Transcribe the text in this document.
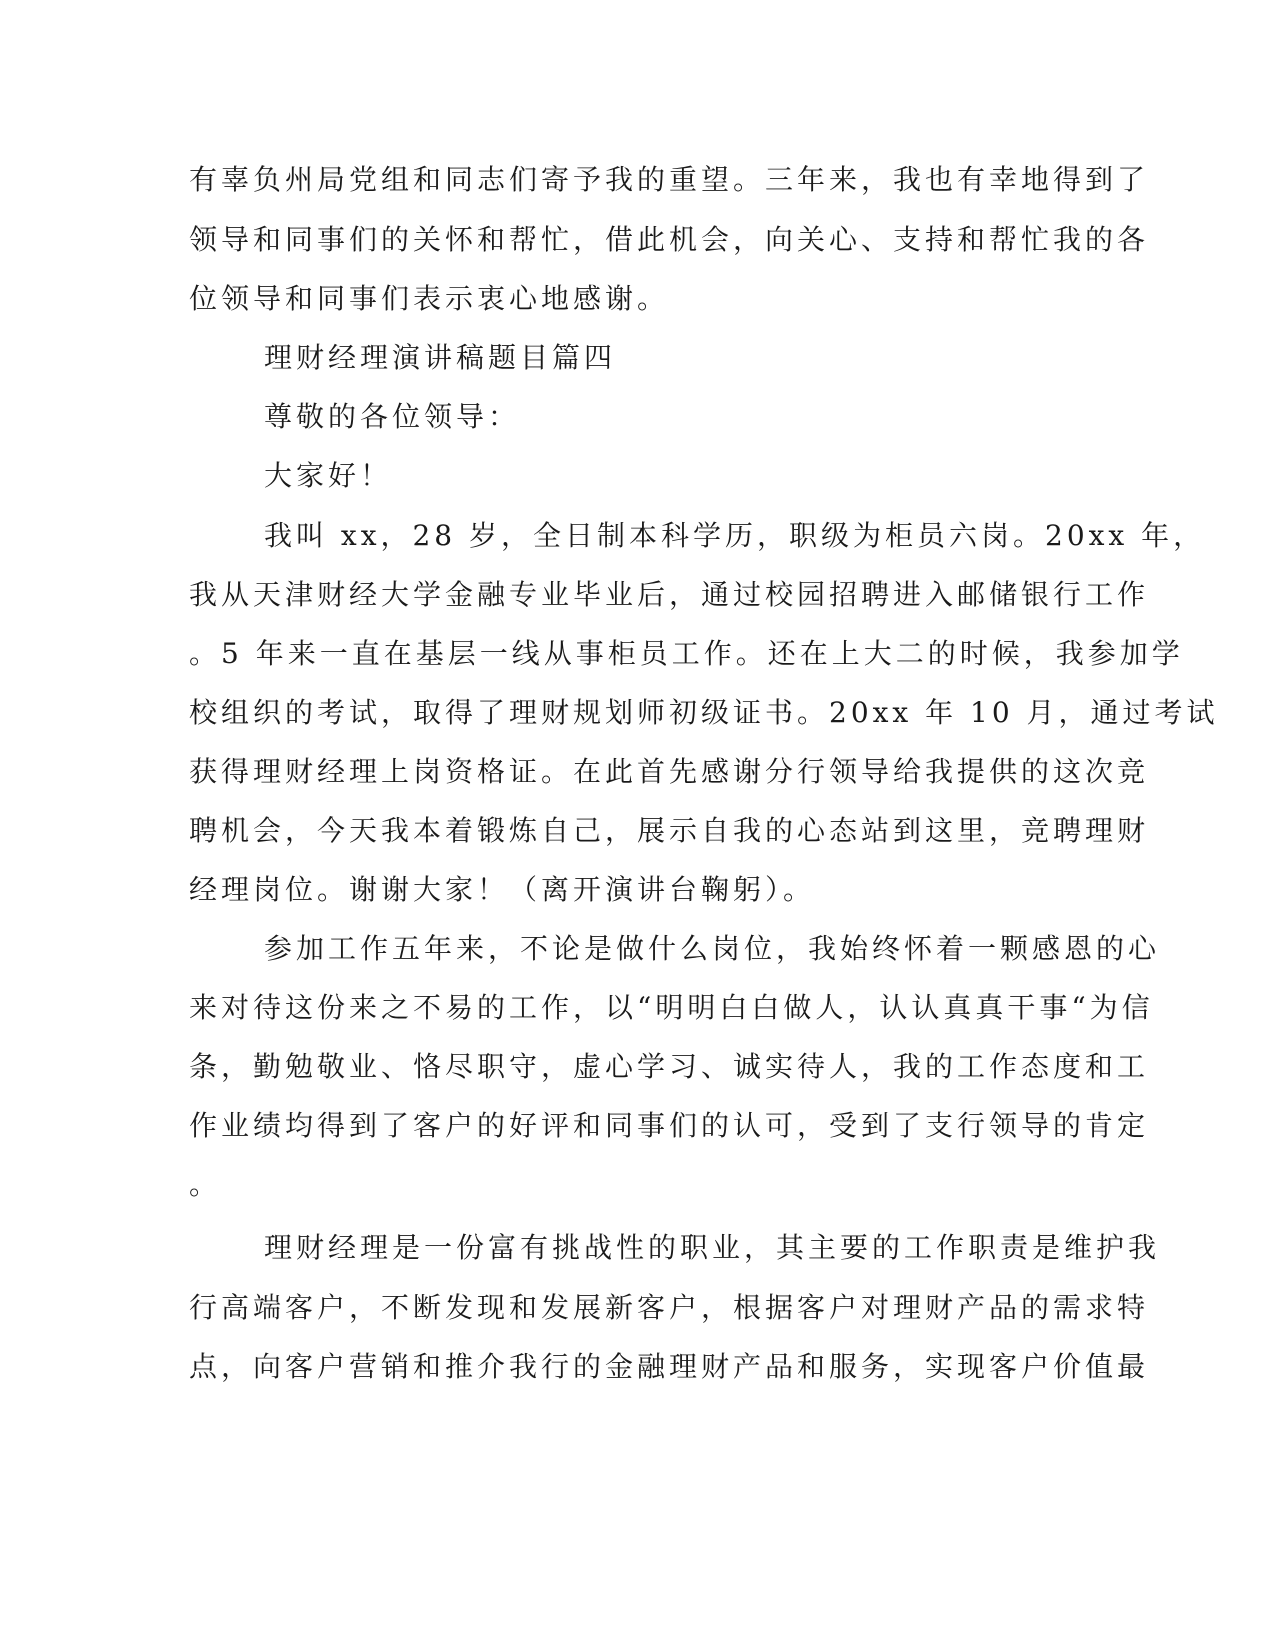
有辜负州局党组和同志们寄予我的重望。三年来，我也有幸地得到了
领导和同事们的关怀和帮忙，借此机会，向关心、支持和帮忙我的各
位领导和同事们表示衷心地感谢。
理财经理演讲稿题目篇四
尊敬的各位领导：
大家好！
我叫 xx，28 岁，全日制本科学历，职级为柜员六岗。20xx 年，
我从天津财经大学金融专业毕业后，通过校园招聘进入邮储银行工作
。5 年来一直在基层一线从事柜员工作。还在上大二的时候，我参加学
校组织的考试，取得了理财规划师初级证书。20xx 年 10 月，通过考试
获得理财经理上岗资格证。在此首先感谢分行领导给我提供的这次竞
聘机会，今天我本着锻炼自己，展示自我的心态站到这里，竞聘理财
经理岗位。谢谢大家！（离开演讲台鞠躬）。
参加工作五年来，不论是做什么岗位，我始终怀着一颗感恩的心
来对待这份来之不易的工作，以“明明白白做人，认认真真干事“为信
条，勤勉敬业、恪尽职守，虚心学习、诚实待人，我的工作态度和工
作业绩均得到了客户的好评和同事们的认可，受到了支行领导的肯定
。
理财经理是一份富有挑战性的职业，其主要的工作职责是维护我
行高端客户，不断发现和发展新客户，根据客户对理财产品的需求特
点，向客户营销和推介我行的金融理财产品和服务，实现客户价值最
